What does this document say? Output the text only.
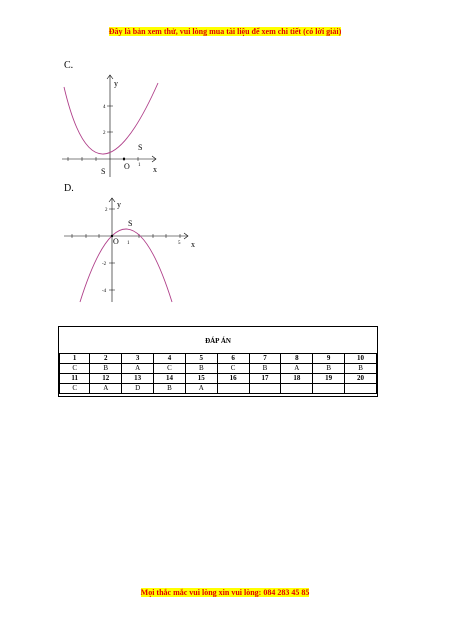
Đây là bản xem thử, vui lòng mua tài liệu để xem chi tiết (có lời giải)
C.
4
2
1
y
x
O
S
S
D.
2
-2
-4
1	5
y
x
O
S
ĐÁP ÁN
1	2	3	4	5	6	7	8	9	10
C	B	A	C	B	C	B	A	B	B
11	12	13	14	15	16	17	18	19	20
C	A	D	B	A					
Mọi thắc mắc vui lòng xin vui lòng: 084 283 45 85
